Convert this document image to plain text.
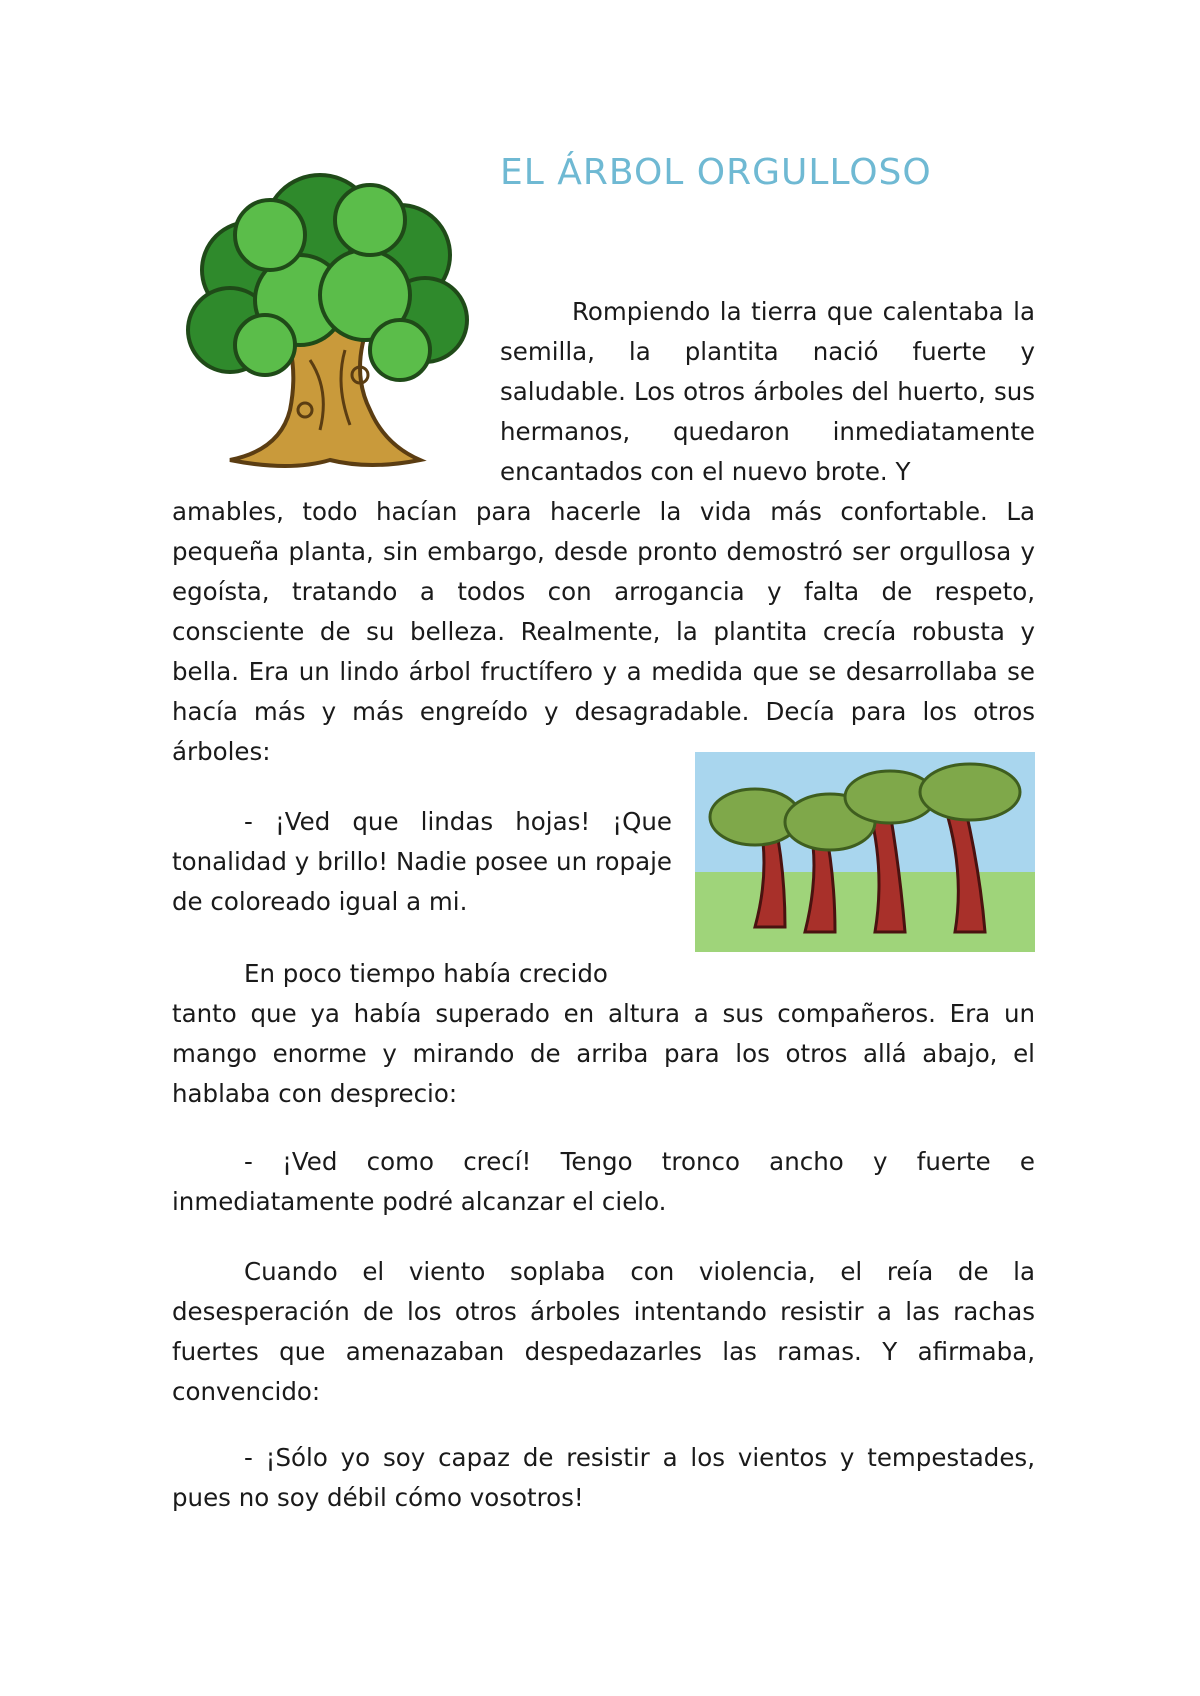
EL ÁRBOL ORGULLOSO

Rompiendo la tierra que calentaba la semilla, la plantita nació fuerte y saludable. Los otros árboles del huerto, sus hermanos, quedaron inmediatamente encantados con el nuevo brote. Y

amables, todo hacían para hacerle la vida más confortable. La pequeña planta, sin embargo, desde pronto demostró ser orgullosa y egoísta, tratando a todos con arrogancia y falta de respeto, consciente de su belleza. Realmente, la plantita crecía robusta y bella. Era un lindo árbol fructífero y a medida que se desarrollaba se hacía más y más engreído y desagradable. Decía para los otros árboles:

- ¡Ved que lindas hojas! ¡Que tonalidad y brillo! Nadie posee un ropaje de coloreado igual a mi.

En poco tiempo había crecido

tanto que ya había superado en altura a sus compañeros. Era un mango enorme y mirando de arriba para los otros allá abajo, el hablaba con desprecio:

- ¡Ved como crecí! Tengo tronco ancho y fuerte e inmediatamente podré alcanzar el cielo.

Cuando el viento soplaba con violencia, el reía de la desesperación de los otros árboles intentando resistir a las rachas fuertes que amenazaban despedazarles las ramas. Y afirmaba, convencido:

- ¡Sólo yo soy capaz de resistir a los vientos y tempestades, pues no soy débil cómo vosotros!
